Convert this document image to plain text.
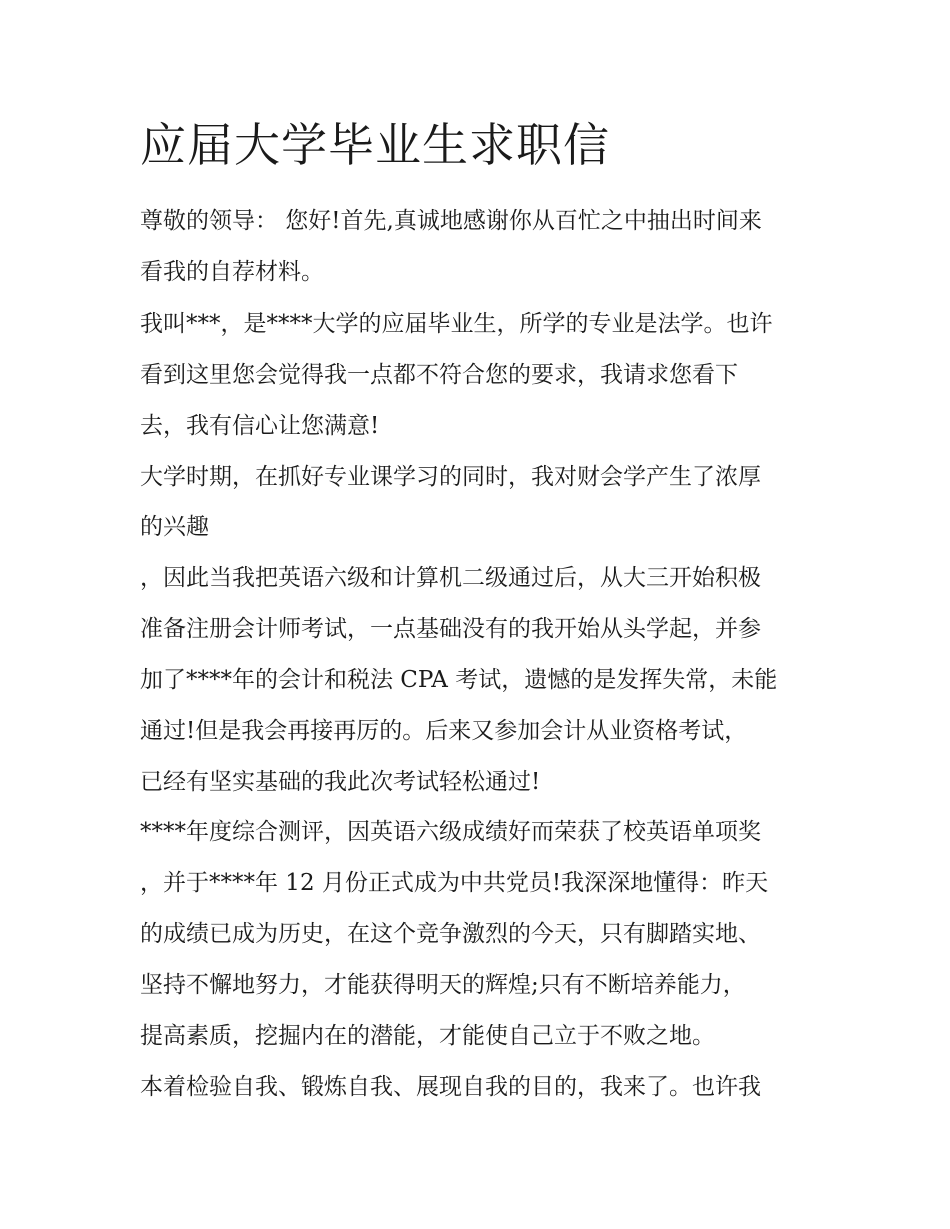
应届大学毕业生求职信

尊敬的领导： 您好!首先,真诚地感谢你从百忙之中抽出时间来

看我的自荐材料。

我叫***，是****大学的应届毕业生，所学的专业是法学。也许

看到这里您会觉得我一点都不符合您的要求，我请求您看下

去，我有信心让您满意!

大学时期，在抓好专业课学习的同时，我对财会学产生了浓厚

的兴趣

，因此当我把英语六级和计算机二级通过后，从大三开始积极

准备注册会计师考试，一点基础没有的我开始从头学起，并参

加了****年的会计和税法 CPA 考试，遗憾的是发挥失常，未能

通过!但是我会再接再厉的。后来又参加会计从业资格考试，

已经有坚实基础的我此次考试轻松通过!

****年度综合测评，因英语六级成绩好而荣获了校英语单项奖

，并于****年 12 月份正式成为中共党员!我深深地懂得：昨天

的成绩已成为历史，在这个竞争激烈的今天，只有脚踏实地、

坚持不懈地努力，才能获得明天的辉煌;只有不断培养能力，

提高素质，挖掘内在的潜能，才能使自己立于不败之地。

本着检验自我、锻炼自我、展现自我的目的，我来了。也许我
